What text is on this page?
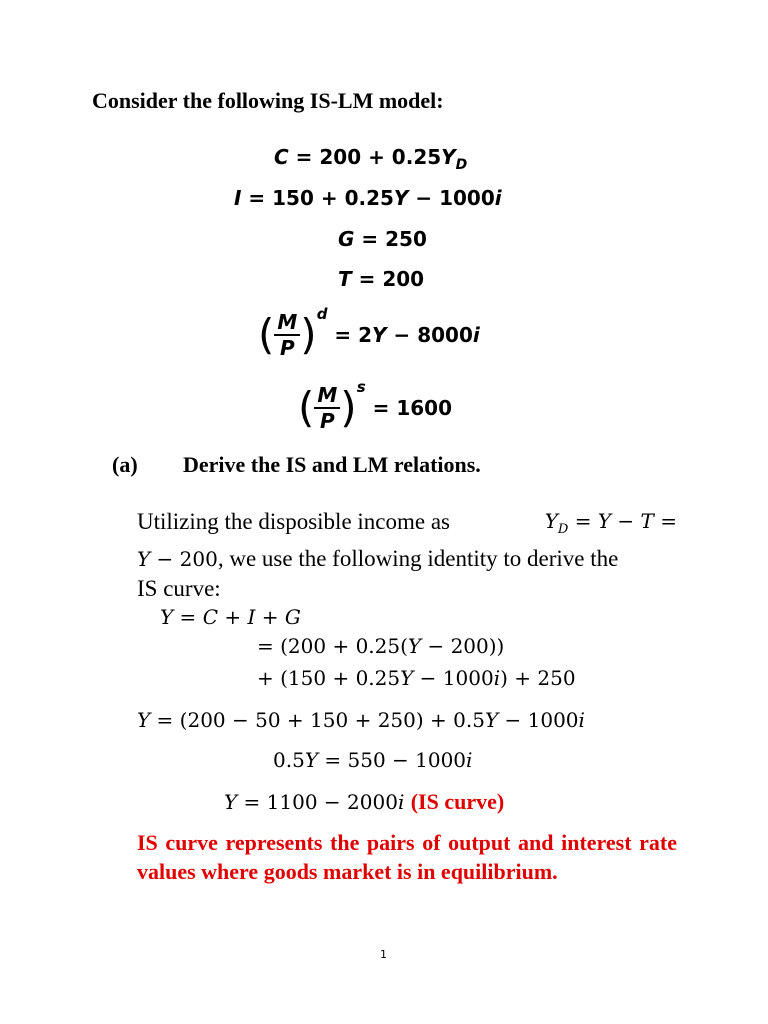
Consider the following IS-LM model:
$C = 200 + 0.25Y_D$
I = 150 + 0.25Y − 1000i
G = 250
T = 200
( $\frac{M}{P} )^d = 2Y - 8000i$
( $\frac{M}{P} )^s = 1600$
(a) Derive the IS and LM relations.
Utilizing the disposible income as	$Y_D = Y - T$ =
Y − 200, we use the following identity to derive the
IS curve:
Y = C + I + G
= (200 + 0.25(Y − 200))
+ (150 + 0.25Y − 1000i) + 250
Y = (200 − 50 + 150 + 250) + 0.5Y − 1000i
0.5Y = 550 − 1000i
Y = 1100 − 2000i (IS curve)
IS curve represents the pairs of output and interest rate values where goods market is in equilibrium.
1
